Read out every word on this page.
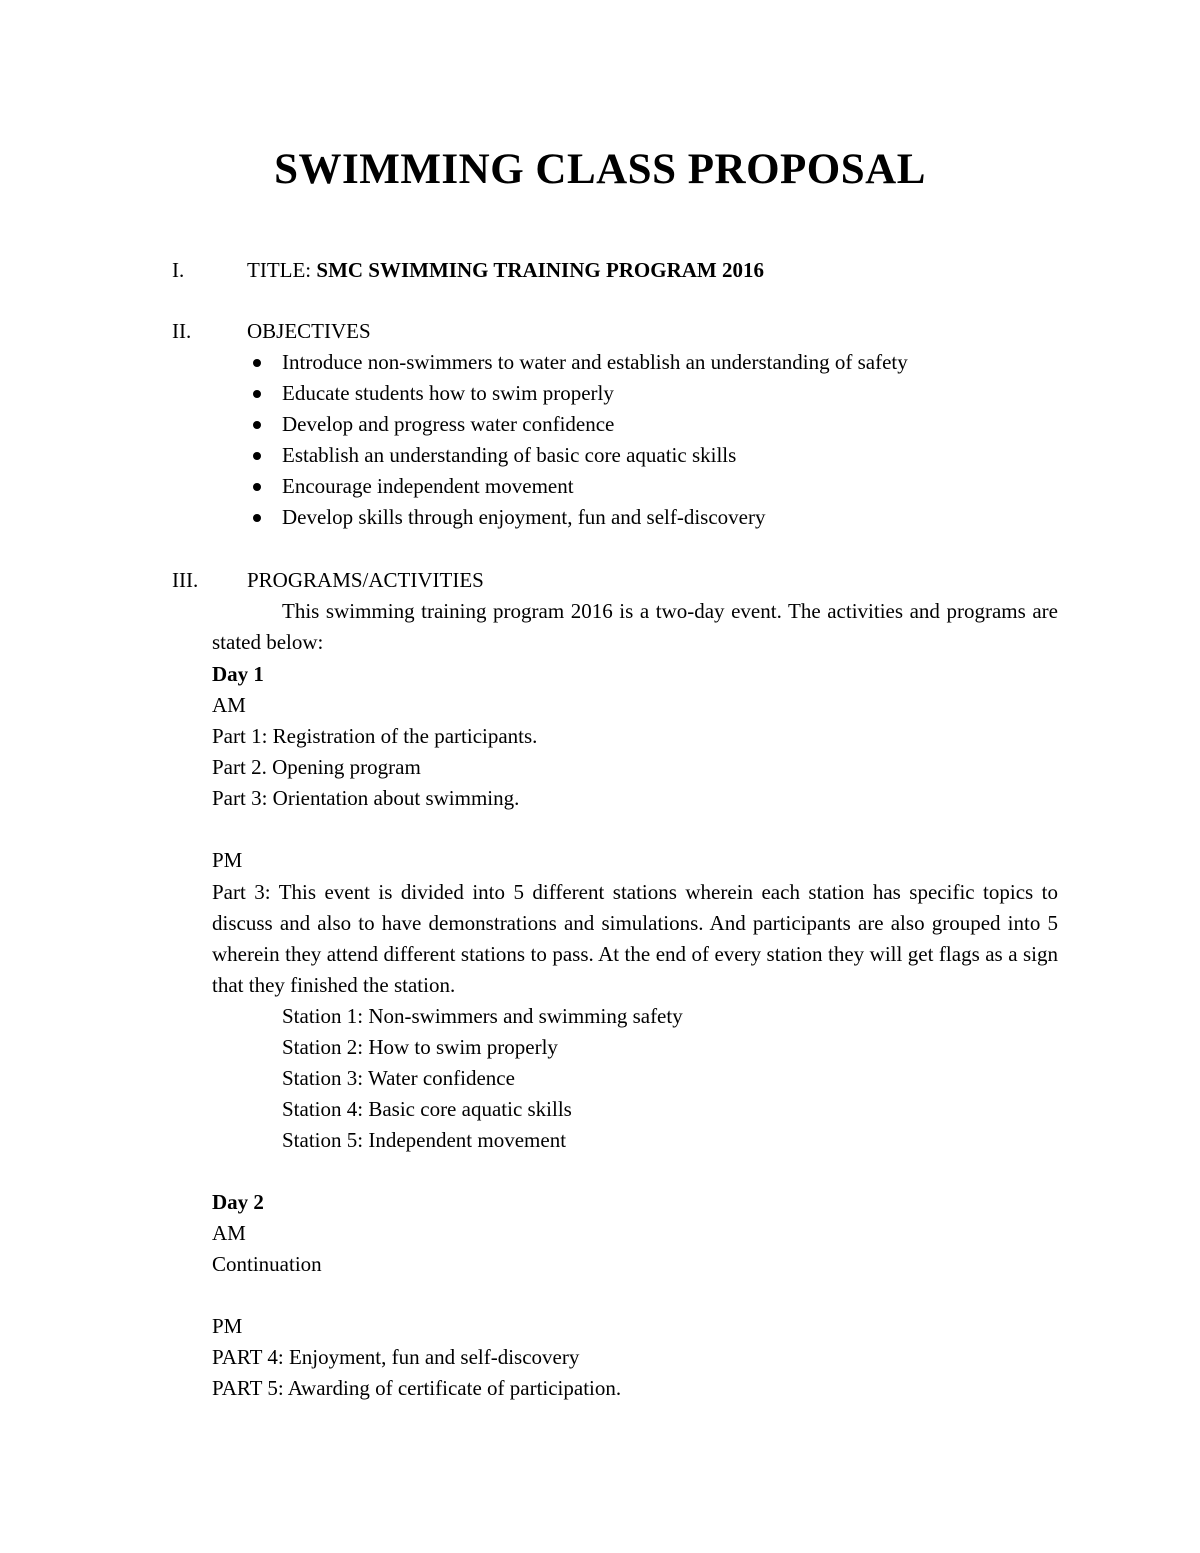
SWIMMING CLASS PROPOSAL
I.	TITLE: SMC SWIMMING TRAINING PROGRAM 2016
II.	OBJECTIVES
Introduce non-swimmers to water and establish an understanding of safety
Educate students how to swim properly
Develop and progress water confidence
Establish an understanding of basic core aquatic skills
Encourage independent movement
Develop skills through enjoyment, fun and self-discovery
III. PROGRAMS/ACTIVITIES
This swimming training program 2016 is a two-day event. The activities and programs are stated below:
Day 1
AM
Part 1: Registration of the participants.
Part 2. Opening program
Part 3: Orientation about swimming.
PM
Part 3: This event is divided into 5 different stations wherein each station has specific topics to discuss and also to have demonstrations and simulations. And participants are also grouped into 5 wherein they attend different stations to pass. At the end of every station they will get flags as a sign that they finished the station.
Station 1: Non-swimmers and swimming safety
Station 2: How to swim properly
Station 3: Water confidence
Station 4: Basic core aquatic skills
Station 5: Independent movement
Day 2
AM
Continuation
PM
PART 4: Enjoyment, fun and self-discovery
PART 5: Awarding of certificate of participation.
